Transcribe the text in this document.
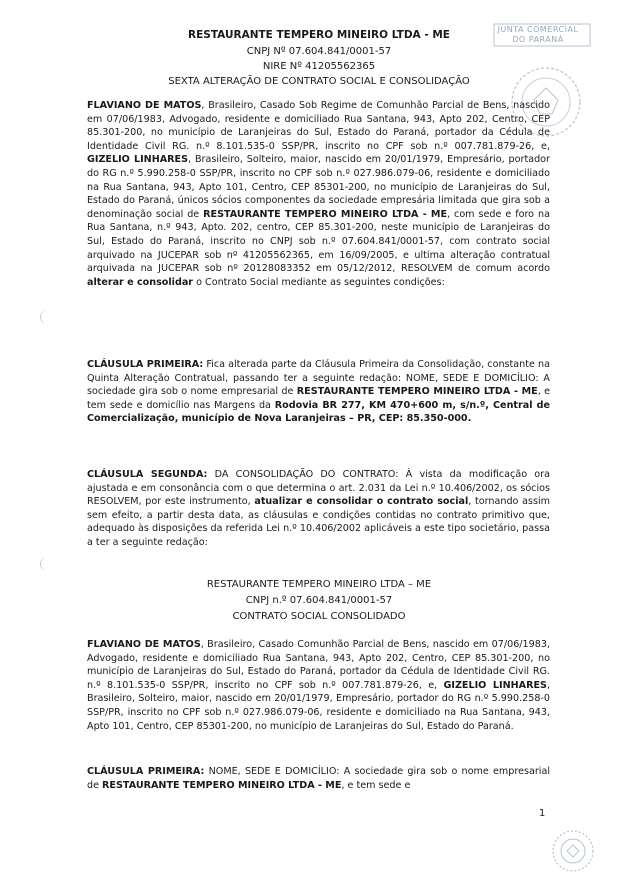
RESTAURANTE TEMPERO MINEIRO LTDA - ME
CNPJ Nº 07.604.841/0001-57
NIRE Nº 41205562365
SEXTA ALTERAÇÃO DE CONTRATO SOCIAL E CONSOLIDAÇÃO
JUNTA COMERCIAL
DO PARANÁ
FLAVIANO DE MATOS, Brasileiro, Casado Sob Regime de Comunhão Parcial de Bens, nascido em 07/06/1983, Advogado, residente e domiciliado Rua Santana, 943, Apto 202, Centro, CEP 85.301-200, no município de Laranjeiras do Sul, Estado do Paraná, portador da Cédula de Identidade Civil RG. n.º 8.101.535-0 SSP/PR, inscrito no CPF sob n.º 007.781.879-26, e, GIZELIO LINHARES, Brasileiro, Solteiro, maior, nascido em 20/01/1979, Empresário, portador do RG n.º 5.990.258-0 SSP/PR, inscrito no CPF sob n.º 027.986.079-06, residente e domiciliado na Rua Santana, 943, Apto 101, Centro, CEP 85301-200, no município de Laranjeiras do Sul, Estado do Paraná, únicos sócios componentes da sociedade empresária limitada que gira sob a denominação social de RESTAURANTE TEMPERO MINEIRO LTDA - ME, com sede e foro na Rua Santana, n.º 943, Apto. 202, centro, CEP 85.301-200, neste município de Laranjeiras do Sul, Estado do Paraná, inscrito no CNPJ sob n.º 07.604.841/0001-57, com contrato social arquivado na JUCEPAR sob nº 41205562365, em 16/09/2005, e ultima alteração contratual arquivada na JUCEPAR sob nº 20128083352 em 05/12/2012, RESOLVEM de comum acordo alterar e consolidar o Contrato Social mediante as seguintes condições:
CLÁUSULA PRIMEIRA: Fica alterada parte da Cláusula Primeira da Consolidação, constante na Quinta Alteração Contratual, passando ter a seguinte redação: NOME, SEDE E DOMICÍLIO: A sociedade gira sob o nome empresarial de RESTAURANTE TEMPERO MINEIRO LTDA - ME, e tem sede e domicílio nas Margens da Rodovia BR 277, KM 470+600 m, s/n.º, Central de Comercialização, município de Nova Laranjeiras – PR, CEP: 85.350-000.
CLÁUSULA SEGUNDA: DA CONSOLIDAÇÃO DO CONTRATO: À vista da modificação ora ajustada e em consonância com o que determina o art. 2.031 da Lei n.º 10.406/2002, os sócios RESOLVEM, por este instrumento, atualizar e consolidar o contrato social, tornando assim sem efeito, a partir desta data, as cláusulas e condições contidas no contrato primitivo que, adequado às disposições da referida Lei n.º 10.406/2002 aplicáveis a este tipo societário, passa a ter a seguinte redação:
RESTAURANTE TEMPERO MINEIRO LTDA – ME
CNPJ n.º 07.604.841/0001-57
CONTRATO SOCIAL CONSOLIDADO
FLAVIANO DE MATOS, Brasileiro, Casado Comunhão Parcial de Bens, nascido em 07/06/1983, Advogado, residente e domiciliado Rua Santana, 943, Apto 202, Centro, CEP 85.301-200, no município de Laranjeiras do Sul, Estado do Paraná, portador da Cédula de Identidade Civil RG. n.º 8.101.535-0 SSP/PR, inscrito no CPF sob n.º 007.781.879-26, e, GIZELIO LINHARES, Brasileiro, Solteiro, maior, nascido em 20/01/1979, Empresário, portador do RG n.º 5.990.258-0 SSP/PR, inscrito no CPF sob n.º 027.986.079-06, residente e domiciliado na Rua Santana, 943, Apto 101, Centro, CEP 85301-200, no município de Laranjeiras do Sul, Estado do Paraná.
CLÁUSULA PRIMEIRA: NOME, SEDE E DOMICÍLIO: A sociedade gira sob o nome empresarial de RESTAURANTE TEMPERO MINEIRO LTDA - ME, e tem sede e
1
